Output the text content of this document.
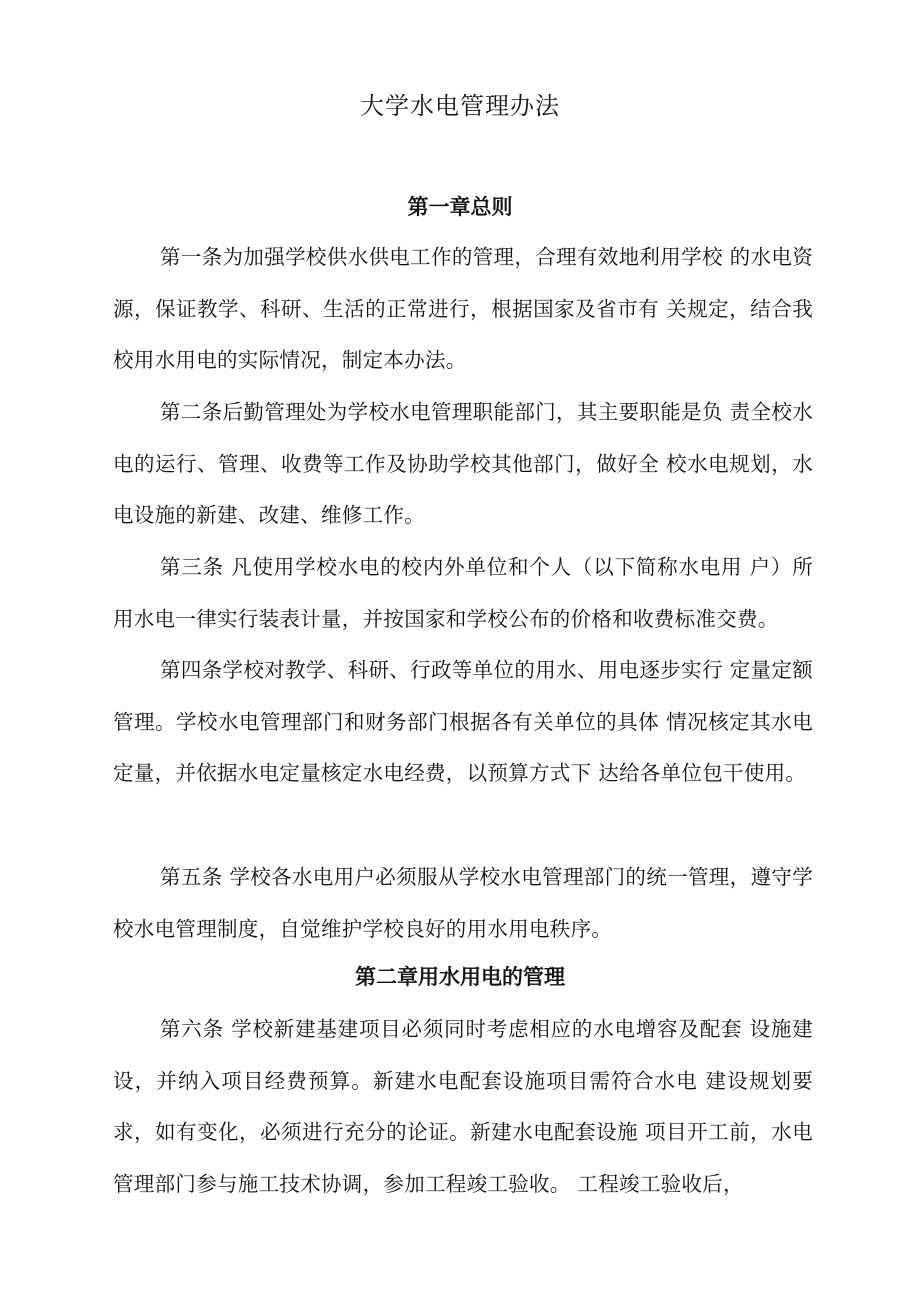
大学水电管理办法
第一章总则

第一条为加强学校供水供电工作的管理，合理有效地利用学校 的水电资源，保证教学、科研、生活的正常进行，根据国家及省市有 关规定，结合我校用水用电的实际情况，制定本办法。

第二条后勤管理处为学校水电管理职能部门，其主要职能是负 责全校水电的运行、管理、收费等工作及协助学校其他部门，做好全 校水电规划，水电设施的新建、改建、维修工作。

第三条 凡使用学校水电的校内外单位和个人（以下简称水电用 户）所用水电一律实行装表计量，并按国家和学校公布的价格和收费标准交费。

第四条学校对教学、科研、行政等单位的用水、用电逐步实行 定量定额管理。学校水电管理部门和财务部门根据各有关单位的具体 情况核定其水电定量，并依据水电定量核定水电经费，以预算方式下 达给各单位包干使用。

第五条 学校各水电用户必须服从学校水电管理部门的统一管理，遵守学校水电管理制度，自觉维护学校良好的用水用电秩序。

第二章用水用电的管理

第六条 学校新建基建项目必须同时考虑相应的水电增容及配套 设施建设，并纳入项目经费预算。新建水电配套设施项目需符合水电 建设规划要求，如有变化，必须进行充分的论证。新建水电配套设施 项目开工前，水电管理部门参与施工技术协调，参加工程竣工验收。 工程竣工验收后，
